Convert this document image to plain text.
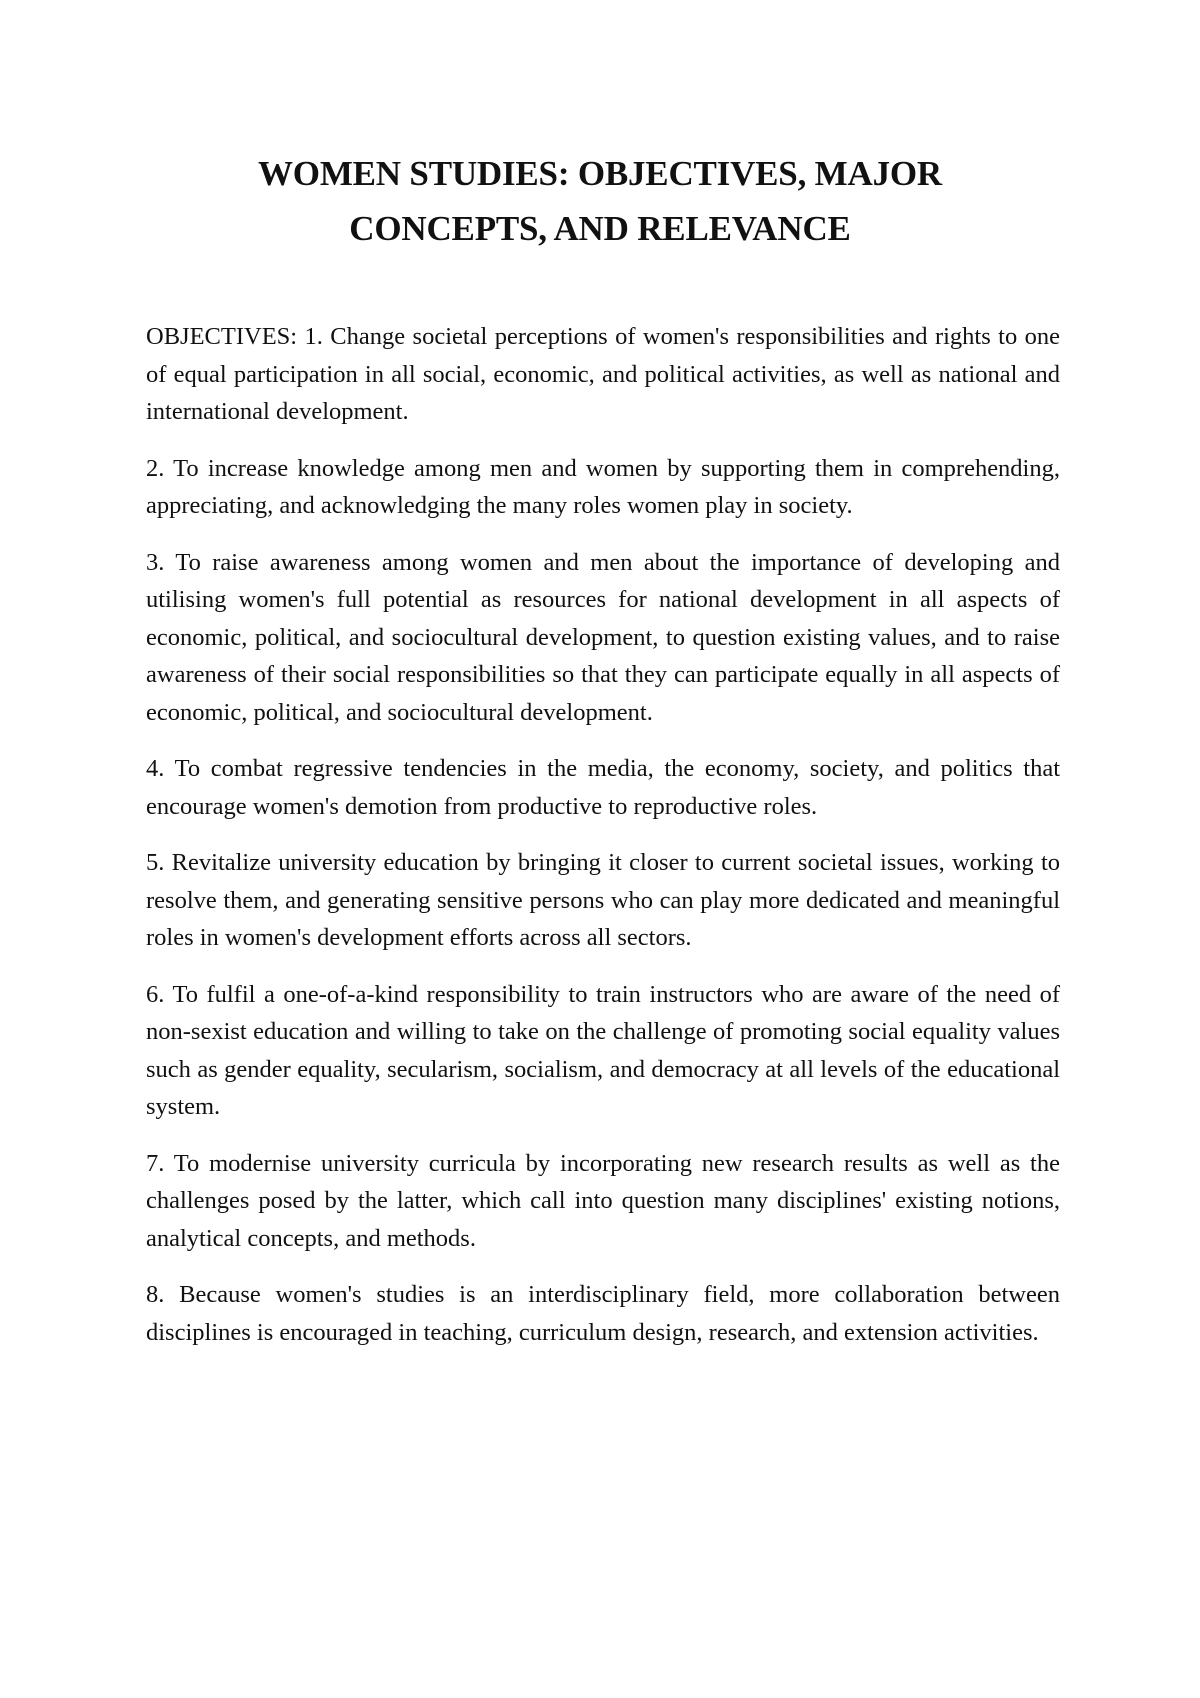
WOMEN STUDIES: OBJECTIVES, MAJOR
CONCEPTS, AND RELEVANCE

OBJECTIVES: 1. Change societal perceptions of women's responsibilities and rights to one of equal participation in all social, economic, and political activities, as well as national and international development.

2. To increase knowledge among men and women by supporting them in comprehending, appreciating, and acknowledging the many roles women play in society.

3. To raise awareness among women and men about the importance of developing and utilising women's full potential as resources for national development in all aspects of economic, political, and sociocultural development, to question existing values, and to raise awareness of their social responsibilities so that they can participate equally in all aspects of economic, political, and sociocultural development.

4. To combat regressive tendencies in the media, the economy, society, and politics that encourage women's demotion from productive to reproductive roles.

5. Revitalize university education by bringing it closer to current societal issues, working to resolve them, and generating sensitive persons who can play more dedicated and meaningful roles in women's development efforts across all sectors.

6. To fulfil a one-of-a-kind responsibility to train instructors who are aware of the need of non-sexist education and willing to take on the challenge of promoting social equality values such as gender equality, secularism, socialism, and democracy at all levels of the educational system.

7. To modernise university curricula by incorporating new research results as well as the challenges posed by the latter, which call into question many disciplines' existing notions, analytical concepts, and methods.

8. Because women's studies is an interdisciplinary field, more collaboration between disciplines is encouraged in teaching, curriculum design, research, and extension activities.
